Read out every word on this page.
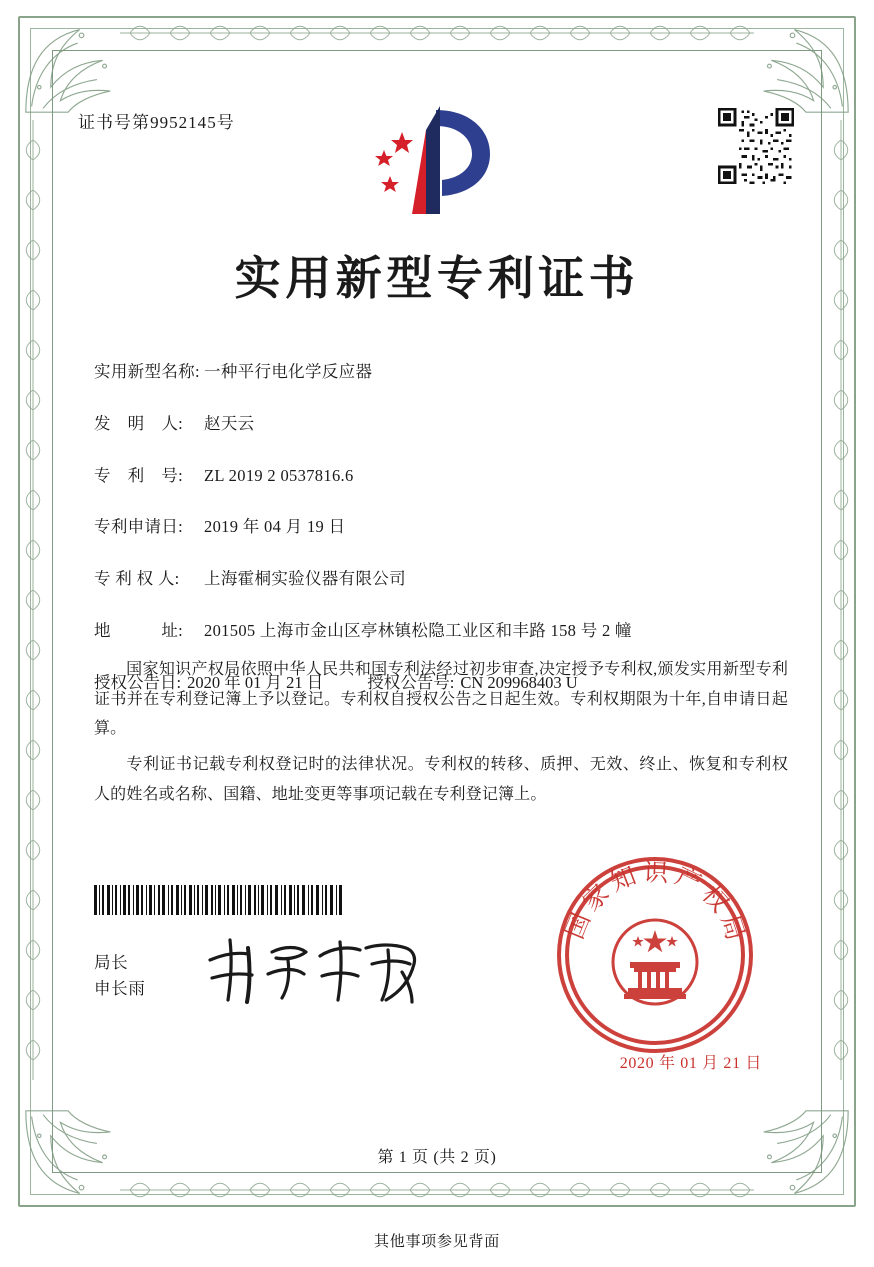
证书号第9952145号
实用新型专利证书
实用新型名称: 一种平行电化学反应器
发　明　人:	赵天云
专　利　号:	ZL 2019 2 0537816.6
专利申请日:	2019 年 04 月 19 日
专 利 权 人:	上海霍桐实验仪器有限公司
地　　　址:	201505 上海市金山区亭林镇松隐工业区和丰路 158 号 2 幢
授权公告日: 2020 年 01 月 21 日	授权公告号: CN 209968403 U
国家知识产权局依照中华人民共和国专利法经过初步审查,决定授予专利权,颁发实用新型专利证书并在专利登记簿上予以登记。专利权自授权公告之日起生效。专利权期限为十年,自申请日起算。
专利证书记载专利权登记时的法律状况。专利权的转移、质押、无效、终止、恢复和专利权人的姓名或名称、国籍、地址变更等事项记载在专利登记簿上。
局长
申长雨
国家知识产权局
2020 年 01 月 21 日
第 1 页 (共 2 页)
其他事项参见背面
